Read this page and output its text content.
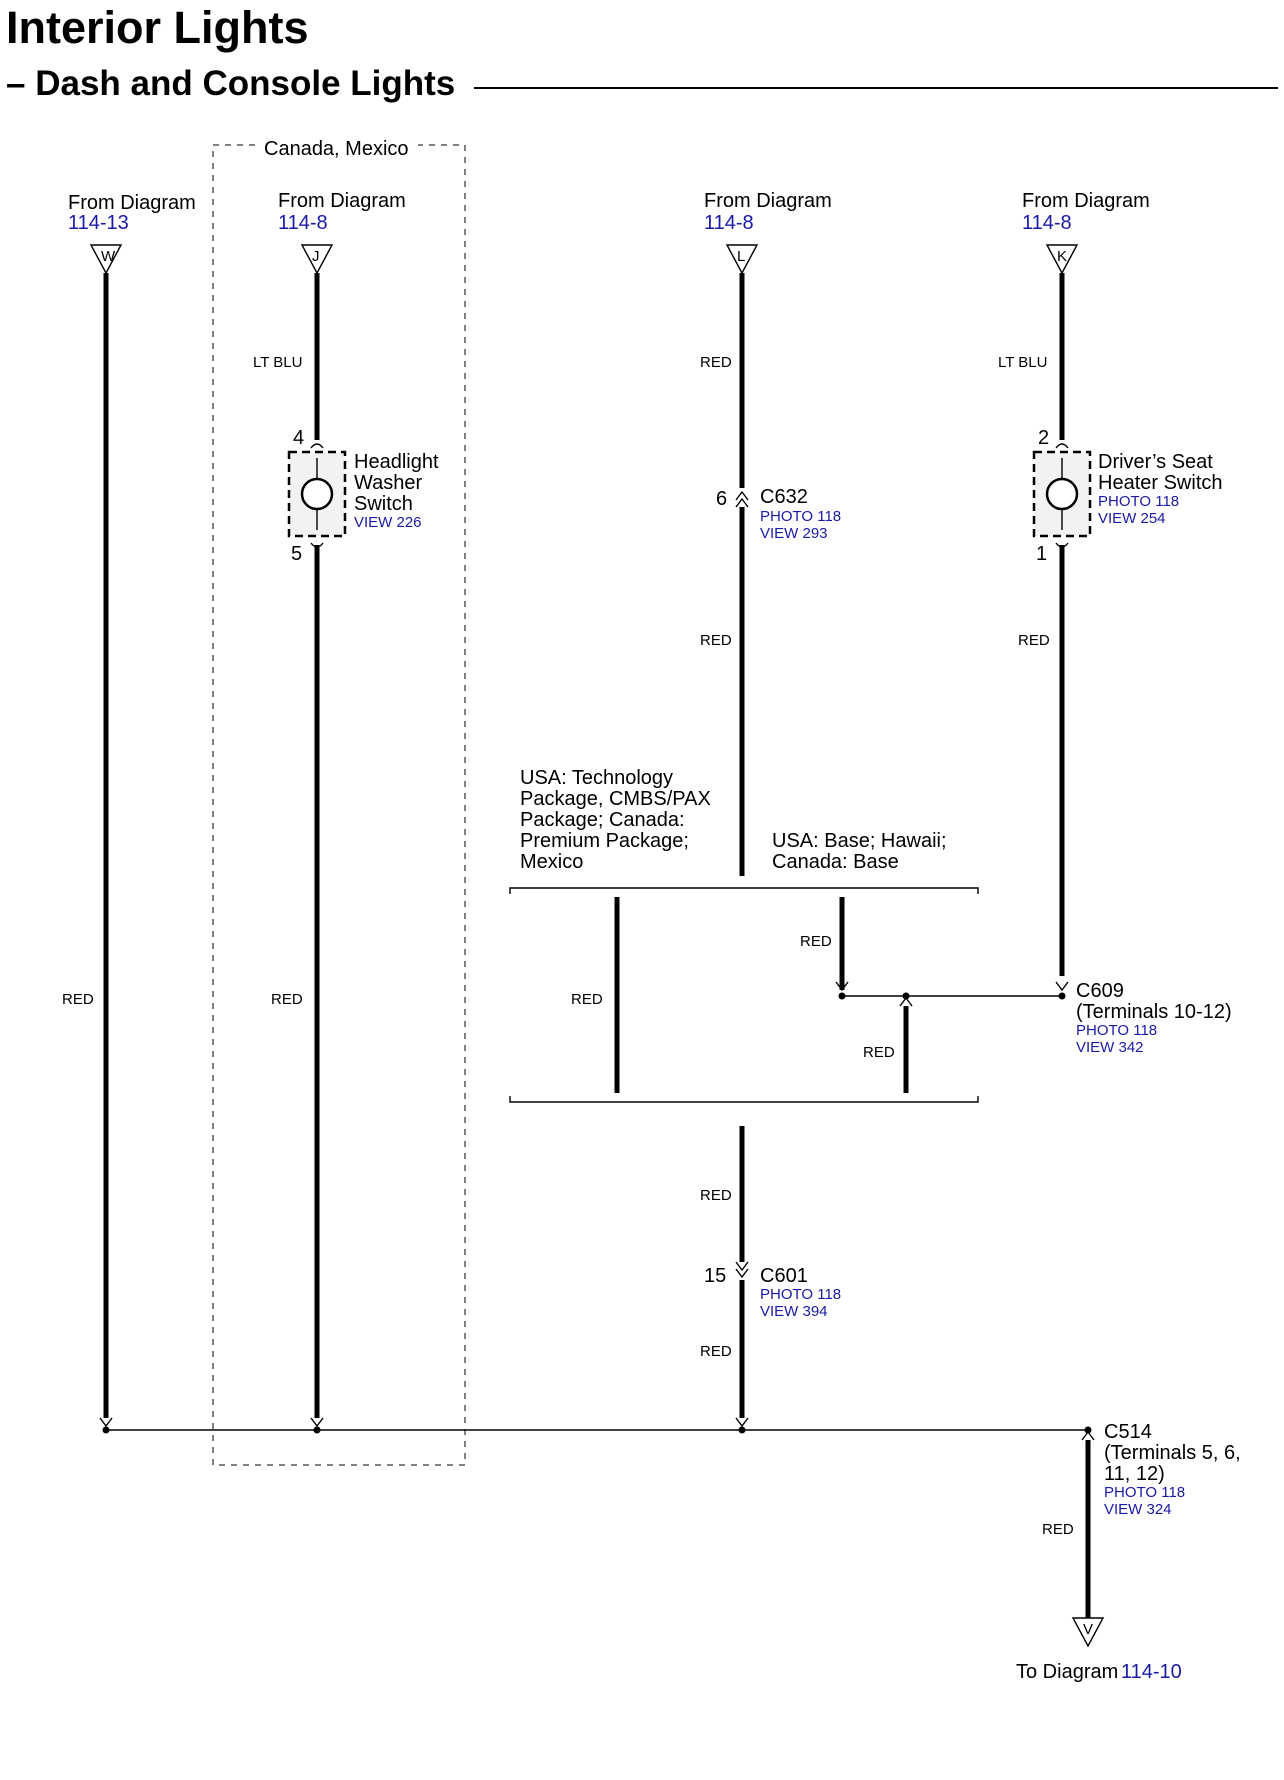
Interior Lights
– Dash and Console Lights
Canada, Mexico
From Diagram
114-13
W
RED
From Diagram
114-8
J
LT BLU
4
5
Headlight
Washer
Switch
VIEW 226
RED
From Diagram
114-8
L
RED
6 C632
PHOTO 118
VIEW 293
RED
USA: Technology
Package, CMBS/PAX
Package; Canada:
Premium Package;
Mexico
USA: Base; Hawaii;
Canada: Base
RED
RED
RED
RED
15 C601
PHOTO 118
VIEW 394
RED
From Diagram
114-8
K
LT BLU
2
1
Driver’s Seat
Heater Switch
PHOTO 118
VIEW 254
RED
C609
(Terminals 10-12)
PHOTO 118
VIEW 342
C514
(Terminals 5, 6,
11, 12)
PHOTO 118
VIEW 324
RED
V
To Diagram 114-10
